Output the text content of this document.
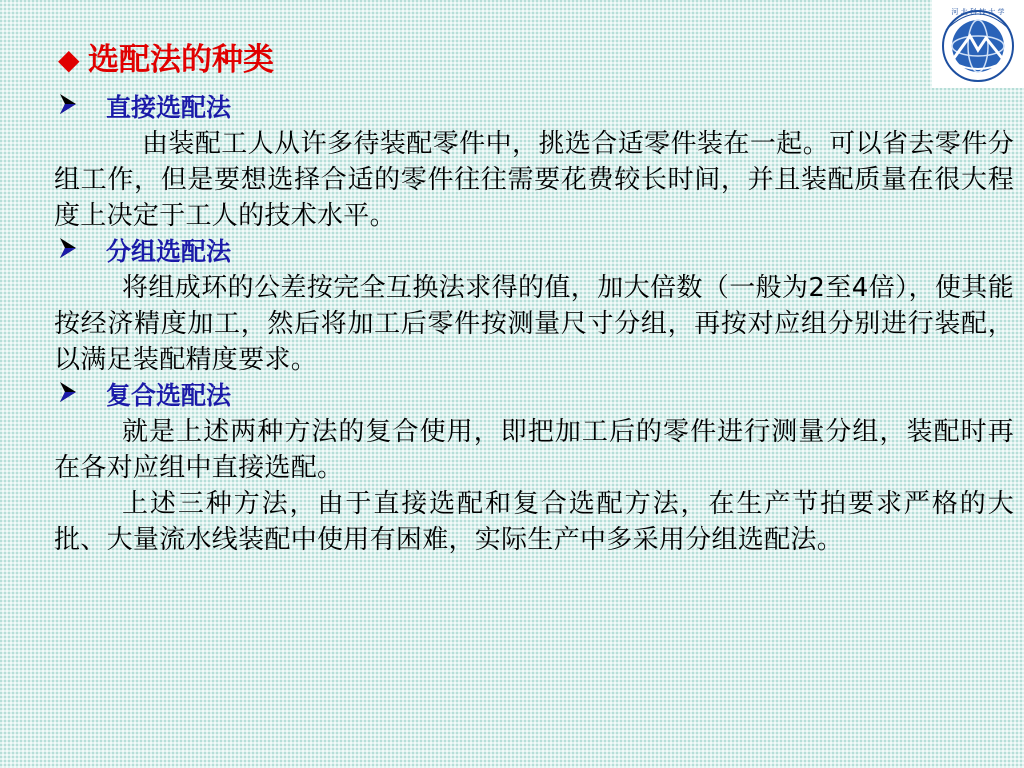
河 北 科 技 大 学
◆ 选配法的种类
直接选配法

由装配工人从许多待装配零件中，挑选合适零件装在一起。可以省去零件分组工作，但是要想选择合适的零件往往需要花费较长时间，并且装配质量在很大程度上决定于工人的技术水平。

分组选配法

将组成环的公差按完全互换法求得的值，加大倍数（一般为2至4倍），使其能按经济精度加工，然后将加工后零件按测量尺寸分组，再按对应组分别进行装配，以满足装配精度要求。

复合选配法

就是上述两种方法的复合使用，即把加工后的零件进行测量分组，装配时再在各对应组中直接选配。

上述三种方法，由于直接选配和复合选配方法，在生产节拍要求严格的大批、大量流水线装配中使用有困难，实际生产中多采用分组选配法。
